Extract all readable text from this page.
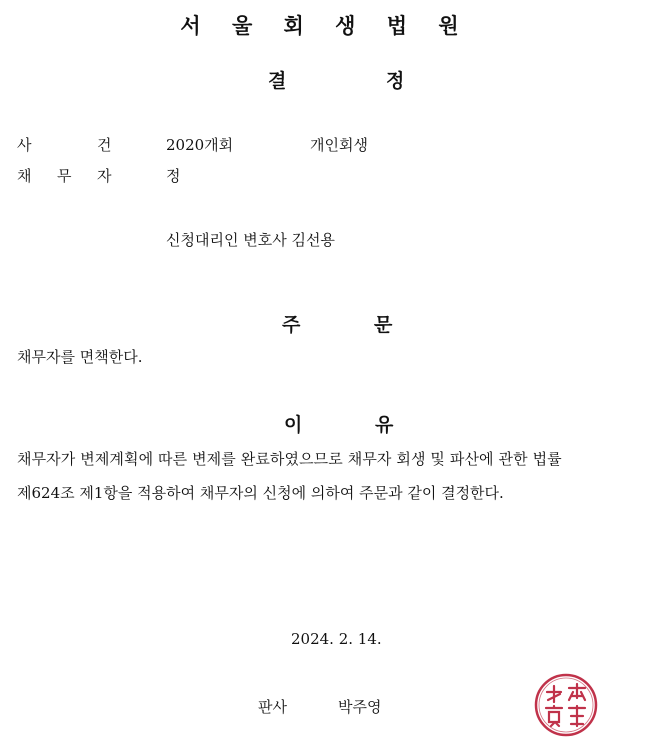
서 울 회 생 법 원
결	정
사	건	2020개회	개인회생
채 무 자	정
신청대리인 변호사 김선용
주	문
채무자를 면책한다.
이	유
채무자가 변제계획에 따른 변제를 완료하였으므로 채무자 회생 및 파산에 관한 법률
제624조 제1항을 적용하여 채무자의 신청에 의하여 주문과 같이 결정한다.
2024. 2. 14.
판사	박주영
